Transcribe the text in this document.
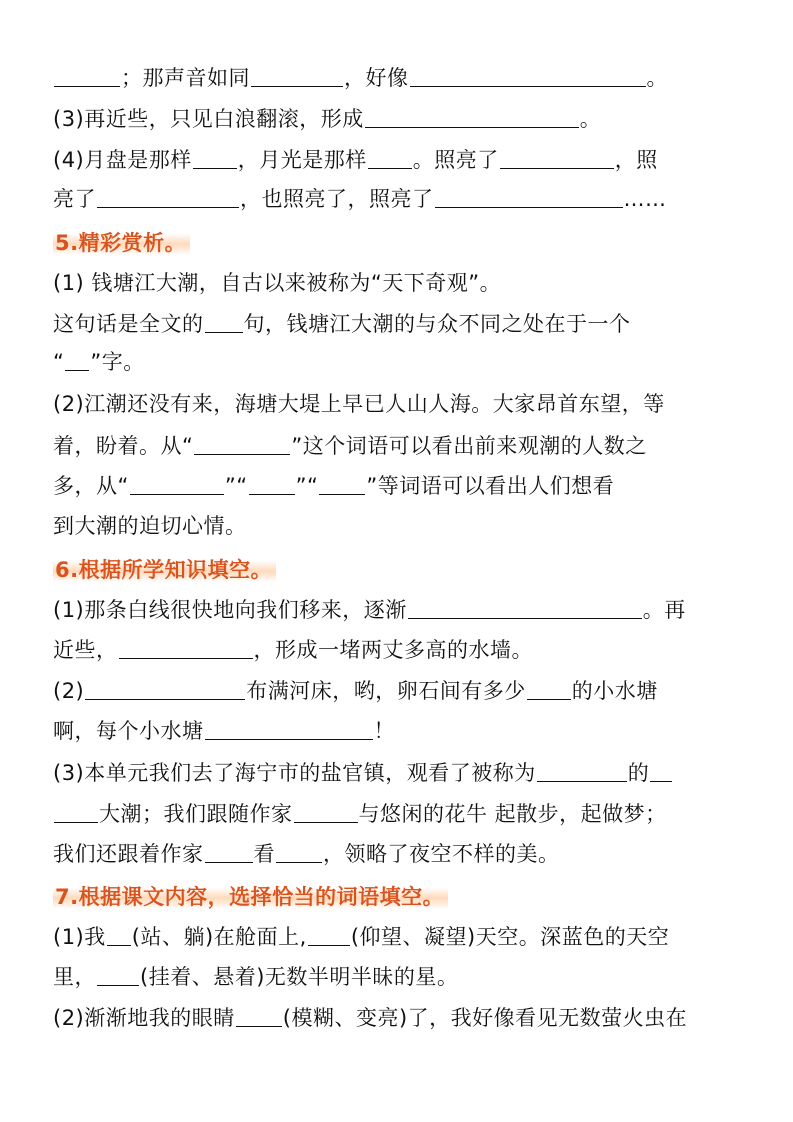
；那声音如同	，好像	。
(3)再近些，只见白浪翻滚，形成	。
(4)月盘是那样 ，月光是那样 。照亮了	，照
亮了	，也照亮了，照亮了	……
5.精彩赏析。
(1) 钱塘江大潮，自古以来被称为“天下奇观”。
这句话是全文的 句，钱塘江大潮的与众不同之处在于一个
“ ”字。
(2)江潮还没有来，海塘大堤上早已人山人海。大家昂首东望，等
着，盼着。从“	”这个词语可以看出前来观潮的人数之
多，从“	”“ ”“ ”等词语可以看出人们想看
到大潮的迫切心情。
6.根据所学知识填空。
(1)那条白线很快地向我们移来，逐渐	。再
近些，	，形成一堵两丈多高的水墙。
(2)	布满河床，哟，卵石间有多少 的小水塘
啊，每个小水塘	！
(3)本单元我们去了海宁市的盐官镇，观看了被称为	的
大潮；我们跟随作家	与悠闲的花牛 起散步，起做梦；
我们还跟着作家 看 ，领略了夜空不样的美。
7.根据课文内容，选择恰当的词语填空。
(1)我 (站、躺)在舱面上, (仰望、凝望)天空。深蓝色的天空
里， (挂着、悬着)无数半明半昧的星。
(2)渐渐地我的眼睛 (模糊、变亮)了，我好像看见无数萤火虫在
